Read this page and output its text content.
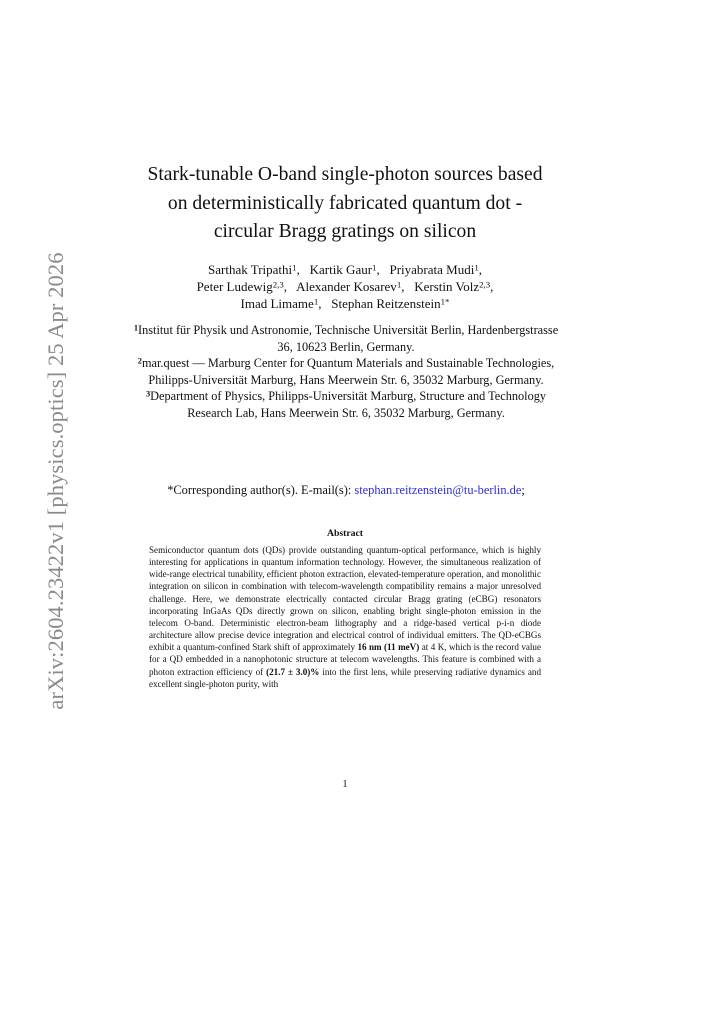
arXiv:2604.23422v1 [physics.optics] 25 Apr 2026
Stark-tunable O-band single-photon sources based
on deterministically fabricated quantum dot -
circular Bragg gratings on silicon
Sarthak Tripathi$^1$,   Kartik Gaur$^1$,   Priyabrata Mudi$^1$,
Peter Ludewig$^{2,3}$,   Alexander Kosarev$^1$,   Kerstin Volz$^{2,3}$,
Imad Limame$^1$,   Stephan Reitzenstein$^{1*}$
$^1$Institut für Physik und Astronomie, Technische Universität Berlin, Hardenbergstrasse 36, 10623 Berlin, Germany.
$^2$mar.quest — Marburg Center for Quantum Materials and Sustainable Technologies, Philipps-Universität Marburg, Hans Meerwein Str. 6, 35032 Marburg, Germany.
$^3$Department of Physics, Philipps-Universität Marburg, Structure and Technology Research Lab, Hans Meerwein Str. 6, 35032 Marburg, Germany.
*Corresponding author(s). E-mail(s): stephan.reitzenstein@tu-berlin.de;
Abstract
Semiconductor quantum dots (QDs) provide outstanding quantum-optical performance, which is highly interesting for applications in quantum information technology. However, the simultaneous realization of wide-range electrical tunability, efficient photon extraction, elevated-temperature operation, and monolithic integration on silicon in combination with telecom-wavelength compatibility remains a major unresolved challenge. Here, we demonstrate electrically contacted circular Bragg grating (eCBG) resonators incorporating InGaAs QDs directly grown on silicon, enabling bright single-photon emission in the telecom O-band. Deterministic electron-beam lithography and a ridge-based vertical p-i-n diode architecture allow precise device integration and electrical control of individual emitters. The QD-eCBGs exhibit a quantum-confined Stark shift of approximately 16 nm (11 meV) at 4 K, which is the record value for a QD embedded in a nanophotonic structure at telecom wavelengths. This feature is combined with a photon extraction efficiency of (21.7 ± 3.0)% into the first lens, while preserving radiative dynamics and excellent single-photon purity, with
1
